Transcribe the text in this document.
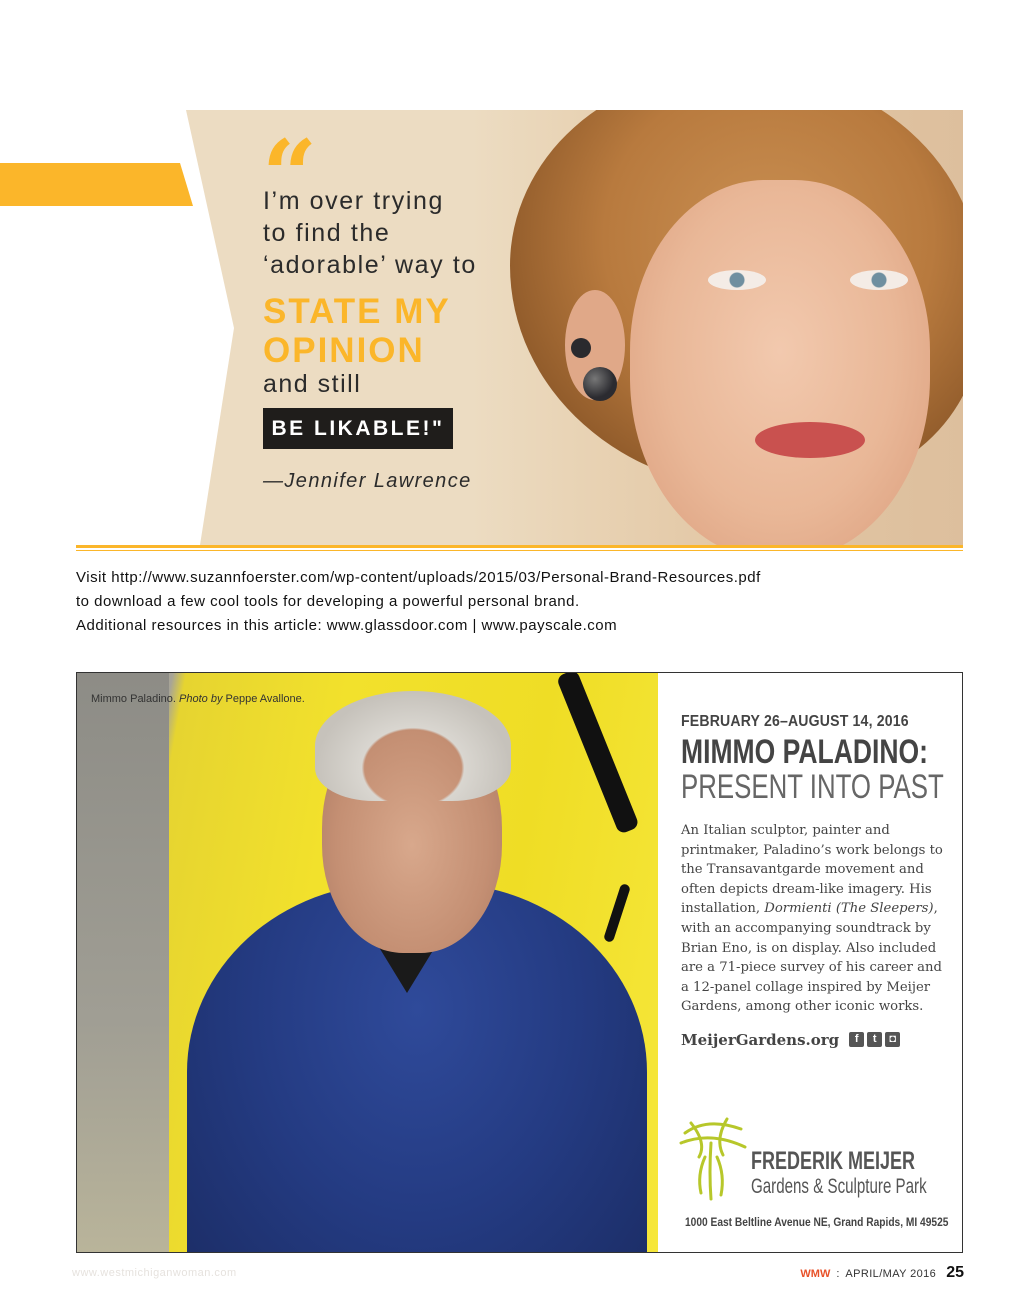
“
I’m over trying
to find the
‘adorable’ way to
STATE MY
OPINION
and still
BE LIKABLE!"
—Jennifer Lawrence
Visit http://www.suzannfoerster.com/wp-content/uploads/2015/03/Personal-Brand-Resources.pdf
to download a few cool tools for developing a powerful personal brand.
Additional resources in this article: www.glassdoor.com | www.payscale.com
Mimmo Paladino. Photo by Peppe Avallone.
FEBRUARY 26–AUGUST 14, 2016
MIMMO PALADINO:
PRESENT INTO PAST
An Italian sculptor, painter and printmaker, Paladino’s work belongs to the Transavantgarde movement and often depicts dream-like imagery. His installation, Dormienti (The Sleepers), with an accompanying soundtrack by Brian Eno, is on display. Also included are a 71-piece survey of his career and a 12-panel collage inspired by Meijer Gardens, among other iconic works.
MeijerGardens.org	f	t	◘
FREDERIK MEIJER
Gardens & Sculpture Park
1000 East Beltline Avenue NE, Grand Rapids, MI 49525
www.westmichiganwoman.com	WMW : APRIL/MAY 2016 25
